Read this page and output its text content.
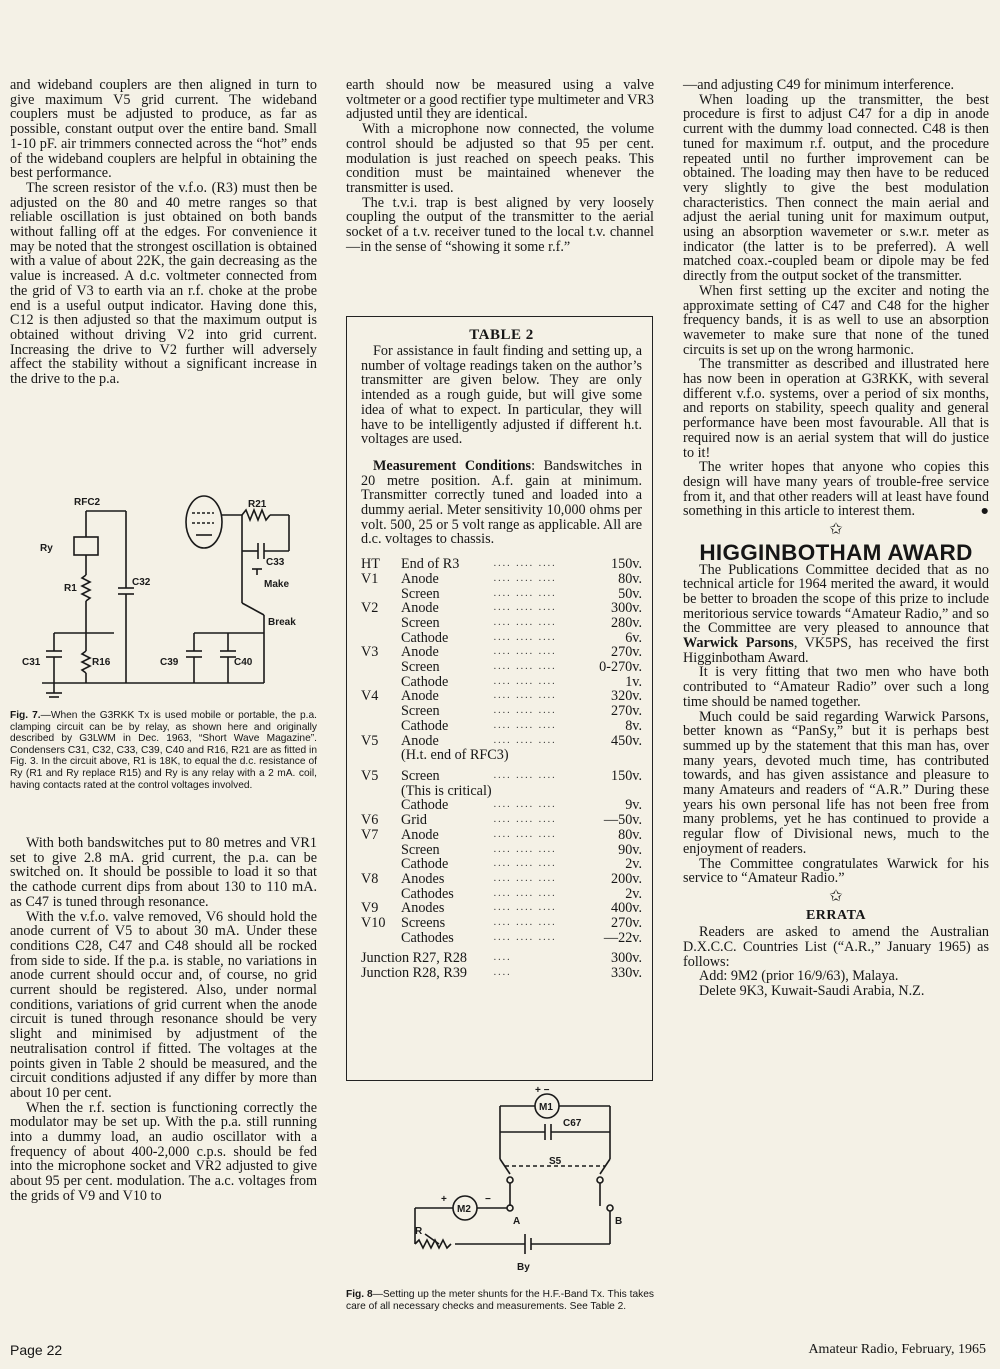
and wideband couplers are then aligned in turn to give maximum V5 grid current. The wideband couplers must be adjusted to produce, as far as possible, constant output over the entire band. Small 1-10 pF. air trimmers connected across the “hot” ends of the wideband couplers are helpful in obtaining the best performance.

The screen resistor of the v.f.o. (R3) must then be adjusted on the 80 and 40 metre ranges so that reliable oscillation is just obtained on both bands without falling off at the edges. For convenience it may be noted that the strongest oscillation is obtained with a value of about 22K, the gain decreasing as the value is increased. A d.c. voltmeter connected from the grid of V3 to earth via an r.f. choke at the probe end is a useful output indicator. Having done this, C12 is then adjusted so that the maximum output is obtained without driving V2 into grid current. Increasing the drive to V2 further will adversely affect the stability without a significant increase in the drive to the p.a.

RFC2	R21
C33
Make
Ry
R1
C32
Break
C31	R16	C39	C40
Fig. 7.—When the G3RKK Tx is used mobile or portable, the p.a. clamping circuit can be by relay, as shown here and originally described by G3LWM in Dec. 1963, “Short Wave Magazine”. Condensers C31, C32, C33, C39, C40 and R16, R21 are as fitted in Fig. 3. In the circuit above, R1 is 18K, to equal the d.c. resistance of Ry (R1 and Ry replace R15) and Ry is any relay with a 2 mA. coil, having contacts rated at the control voltages involved.

With both bandswitches put to 80 metres and VR1 set to give 2.8 mA. grid current, the p.a. can be switched on. It should be possible to load it so that the cathode current dips from about 130 to 110 mA. as C47 is tuned through resonance.

With the v.f.o. valve removed, V6 should hold the anode current of V5 to about 30 mA. Under these conditions C28, C47 and C48 should all be rocked from side to side. If the p.a. is stable, no variations in anode current should occur and, of course, no grid current should be registered. Also, under normal conditions, variations of grid current when the anode circuit is tuned through resonance should be very slight and minimised by adjustment of the neutralisation control if fitted. The voltages at the points given in Table 2 should be measured, and the circuit conditions adjusted if any differ by more than about 10 per cent.

When the r.f. section is functioning correctly the modulator may be set up. With the p.a. still running into a dummy load, an audio oscillator with a frequency of about 400-2,000 c.p.s. should be fed into the microphone socket and VR2 adjusted to give about 95 per cent. modulation. The a.c. voltages from the grids of V9 and V10 to

earth should now be measured using a valve voltmeter or a good rectifier type multimeter and VR3 adjusted until they are identical.

With a microphone now connected, the volume control should be adjusted so that 95 per cent. modulation is just reached on speech peaks. This condition must be maintained whenever the transmitter is used.

The t.v.i. trap is best aligned by very loosely coupling the output of the transmitter to the aerial socket of a t.v. receiver tuned to the local t.v. channel —in the sense of “showing it some r.f.”

TABLE 2

For assistance in fault finding and setting up, a number of voltage readings taken on the author’s transmitter are given below. They are only intended as a rough guide, but will give some idea of what to expect. In particular, they will have to be intelligently adjusted if different h.t. voltages are used.

Measurement Conditions: Bandswitches in 20 metre position. A.f. gain at minimum. Transmitter correctly tuned and loaded into a dummy aerial. Meter sensitivity 10,000 ohms per volt. 500, 25 or 5 volt range as applicable. All are d.c. voltages to chassis.

HT	End of R3	.... .... ....	150v.
V1	Anode	.... .... ....	80v.
	Screen	.... .... ....	50v.
V2	Anode	.... .... ....	300v.
	Screen	.... .... ....	280v.
	Cathode	.... .... ....	6v.
V3	Anode	.... .... ....	270v.
	Screen	.... .... ....	0-270v.
	Cathode	.... .... ....	1v.
V4	Anode	.... .... ....	320v.
	Screen	.... .... ....	270v.
	Cathode	.... .... ....	8v.
V5	Anode	.... .... ....	450v.
	(H.t. end of RFC3)		
V5	Screen	.... .... ....	150v.
	(This is critical)		
	Cathode	.... .... ....	9v.
V6	Grid	.... .... ....	—50v.
V7	Anode	.... .... ....	80v.
	Screen	.... .... ....	90v.
	Cathode	.... .... ....	2v.
V8	Anodes	.... .... ....	200v.
	Cathodes	.... .... ....	2v.
V9	Anodes	.... .... ....	400v.
V10	Screens	.... .... ....	270v.
	Cathodes	.... .... ....	—22v.
Junction R27, R28		....	300v.
Junction R28, R39		....	330v.
+ −
M1
C67
S5
M2
+	−
A	B
R
By
Fig. 8—Setting up the meter shunts for the H.F.-Band Tx. This takes care of all necessary checks and measurements. See Table 2.

—and adjusting C49 for minimum interference.

When loading up the transmitter, the best procedure is first to adjust C47 for a dip in anode current with the dummy load connected. C48 is then tuned for maximum r.f. output, and the procedure repeated until no further improvement can be obtained. The loading may then have to be reduced very slightly to give the best modulation characteristics. Then connect the main aerial and adjust the aerial tuning unit for maximum output, using an absorption wavemeter or s.w.r. meter as indicator (the latter is to be preferred). A well matched coax.-coupled beam or dipole may be fed directly from the output socket of the transmitter.

When first setting up the exciter and noting the approximate setting of C47 and C48 for the higher frequency bands, it is as well to use an absorption wavemeter to make sure that none of the tuned circuits is set up on the wrong harmonic.

The transmitter as described and illustrated here has now been in operation at G3RKK, with several different v.f.o. systems, over a period of six months, and reports on stability, speech quality and general performance have been most favourable. All that is required now is an aerial system that will do justice to it!

The writer hopes that anyone who copies this design will have many years of trouble-free service from it, and that other readers will at least have found something in this article to interest them.	●

✩
HIGGINBOTHAM AWARD

The Publications Committee decided that as no technical article for 1964 merited the award, it would be better to broaden the scope of this prize to include meritorious service towards “Amateur Radio,” and so the Committee are very pleased to announce that Warwick Parsons, VK5PS, has received the first Higginbotham Award.

It is very fitting that two men who have both contributed to “Amateur Radio” over such a long time should be named together.

Much could be said regarding Warwick Parsons, better known as “PanSy,” but it is perhaps best summed up by the statement that this man has, over many years, devoted much time, has contributed towards, and has given assistance and pleasure to many Amateurs and readers of “A.R.” During these years his own personal life has not been free from many problems, yet he has continued to provide a regular flow of Divisional news, much to the enjoyment of readers.

The Committee congratulates Warwick for his service to “Amateur Radio.”

✩
ERRATA

Readers are asked to amend the Australian D.X.C.C. Countries List (“A.R.,” January 1965) as follows:

Add: 9M2 (prior 16/9/63), Malaya.

Delete 9K3, Kuwait-Saudi Arabia, N.Z.

Page 22	Amateur Radio, February, 1965
